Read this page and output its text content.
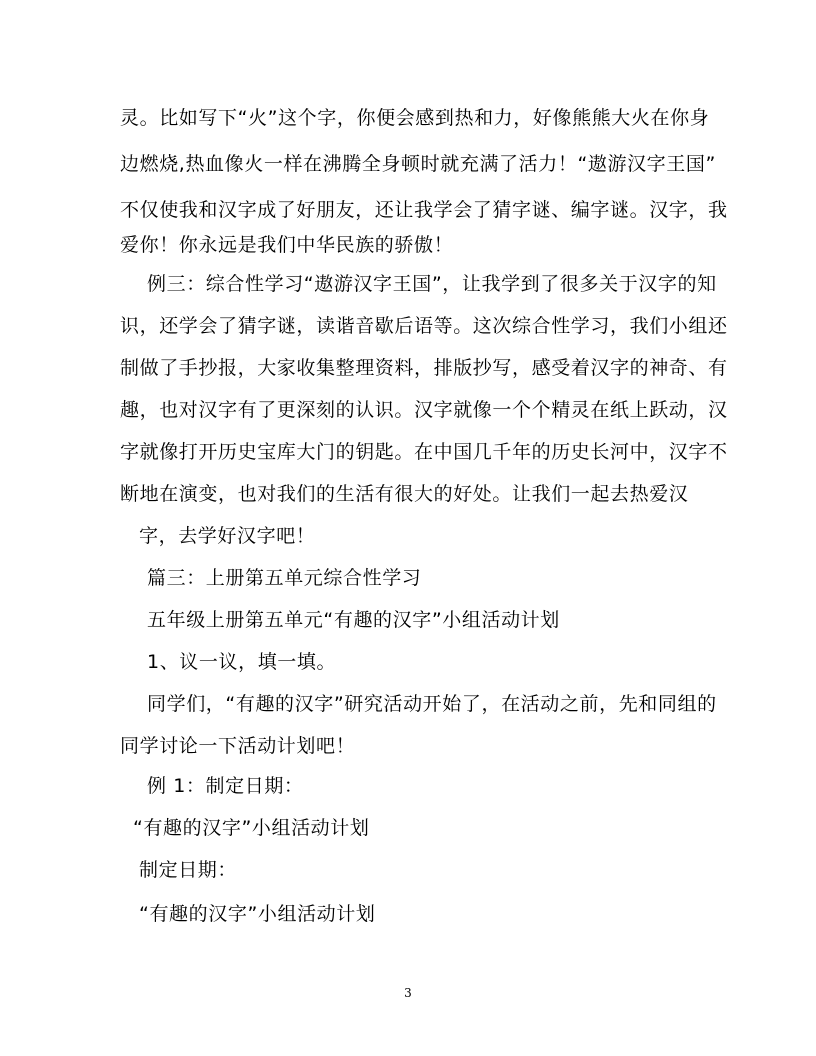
灵。比如写下“火”这个字，你便会感到热和力，好像熊熊大火在你身
边燃烧,热血像火一样在沸腾全身顿时就充满了活力！“遨游汉字王国”
不仅使我和汉字成了好朋友，还让我学会了猜字谜、编字谜。汉字，我
爱你！你永远是我们中华民族的骄傲！
例三：综合性学习“遨游汉字王国”，让我学到了很多关于汉字的知
识，还学会了猜字谜，读谐音歇后语等。这次综合性学习，我们小组还
制做了手抄报，大家收集整理资料，排版抄写，感受着汉字的神奇、有
趣，也对汉字有了更深刻的认识。汉字就像一个个精灵在纸上跃动，汉
字就像打开历史宝库大门的钥匙。在中国几千年的历史长河中，汉字不
断地在演变，也对我们的生活有很大的好处。让我们一起去热爱汉
字，去学好汉字吧！
篇三：上册第五单元综合性学习
五年级上册第五单元“有趣的汉字”小组活动计划
1、议一议，填一填。
同学们，“有趣的汉字”研究活动开始了，在活动之前，先和同组的
同学讨论一下活动计划吧！
例 1：制定日期：
“有趣的汉字”小组活动计划
制定日期：
“有趣的汉字”小组活动计划
3
